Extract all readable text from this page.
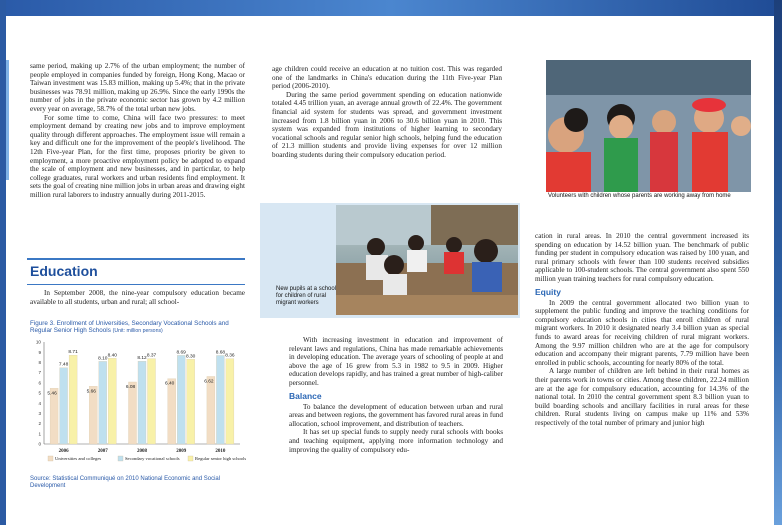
same period, making up 2.7% of the urban employment; the number of people employed in companies funded by foreign, Hong Kong, Macao or Taiwan investment was 15.83 million, making up 5.4%; that in the private businesses was 78.91 million, making up 26.9%. Since the early 1990s the number of jobs in the private economic sector has grown by 4.2 million every year on average, 58.7% of the total urban new jobs.

For some time to come, China will face two pressures: to meet employment demand by creating new jobs and to improve employment quality through different approaches. The employment issue will remain a key and difficult one for the improvement of the people's livelihood. The 12th Five-year Plan, for the first time, proposes priority be given to employment, a more proactive employment policy be adopted to expand the scale of employment and new businesses, and in particular, to help college graduates, rural workers and urban residents find employment. It sets the goal of creating nine million jobs in urban areas and drawing eight million rural laborers to industry annually during 2011-2015.

Education

In September 2008, the nine-year compulsory education became available to all students, urban and rural; all school-

Figure 3. Enrollment of Universities, Secondary Vocational Schools and Regular Senior High Schools (Unit: million persons)
0
1
2
3
4
5
6
7
8
9
10
5.46
7.48
8.71
2006
5.66
8.10
8.40
2007
6.08
8.12
8.37
2008
6.40
8.69
8.30
2009
6.62
8.68
8.36
2010
Universities and colleges	Secondary vocational schools	Regular senior high schools
Source: Statistical Communiqué on 2010 National Economic and Social Development

age children could receive an education at no tuition cost. This was regarded one of the landmarks in China's education during the 11th Five-year Plan period (2006-2010).

During the same period government spending on education nationwide totaled 4.45 trillion yuan, an average annual growth of 22.4%. The government financial aid system for students was spread, and government investment increased from 1.8 billion yuan in 2006 to 30.6 billion yuan in 2010. This system was expanded from institutions of higher learning to secondary vocational schools and regular senior high schools, helping fund the education of 21.3 million students and provide living expenses for over 12 million boarding students during their compulsory education period.

New pupils at a school for children of rural migrant workers

With increasing investment in education and improvement of relevant laws and regulations, China has made remarkable achievements in developing education. The average years of schooling of people at and above the age of 16 grew from 5.3 in 1982 to 9.5 in 2009. Higher education develops rapidly, and has trained a great number of high-caliber personnel.

Balance

To balance the development of education between urban and rural areas and between regions, the government has favored rural areas in fund allocation, school improvement, and distribution of teachers.

It has set up special funds to supply needy rural schools with books and teaching equipment, applying more information technology and improving the quality of compulsory edu-

Volunteers with children whose parents are working away from home

cation in rural areas. In 2010 the central government increased its spending on education by 14.52 billion yuan. The benchmark of public funding per student in compulsory education was raised by 100 yuan, and rural primary schools with fewer than 100 students received subsidies applicable to 100-student schools. The central government also spent 550 million yuan training teachers for rural compulsory education.

Equity

In 2009 the central government allocated two billion yuan to supplement the public funding and improve the teaching conditions for compulsory education schools in cities that enroll children of rural migrant workers. In 2010 it designated nearly 3.4 billion yuan as special funds to award areas for receiving children of rural migrant workers. Among the 9.97 million children who are at the age for compulsory education and accompany their migrant parents, 7.79 million have been enrolled in public schools, accounting for nearly 80% of the total.

A large number of children are left behind in their rural homes as their parents work in towns or cities. Among these children, 22.24 million are at the age for compulsory education, accounting for 14.3% of the national total. In 2010 the central government spent 8.3 billion yuan to build boarding schools and ancillary facilities in rural areas for these children. Rural students living on campus make up 11% and 53% respectively of the total number of primary and junior high
